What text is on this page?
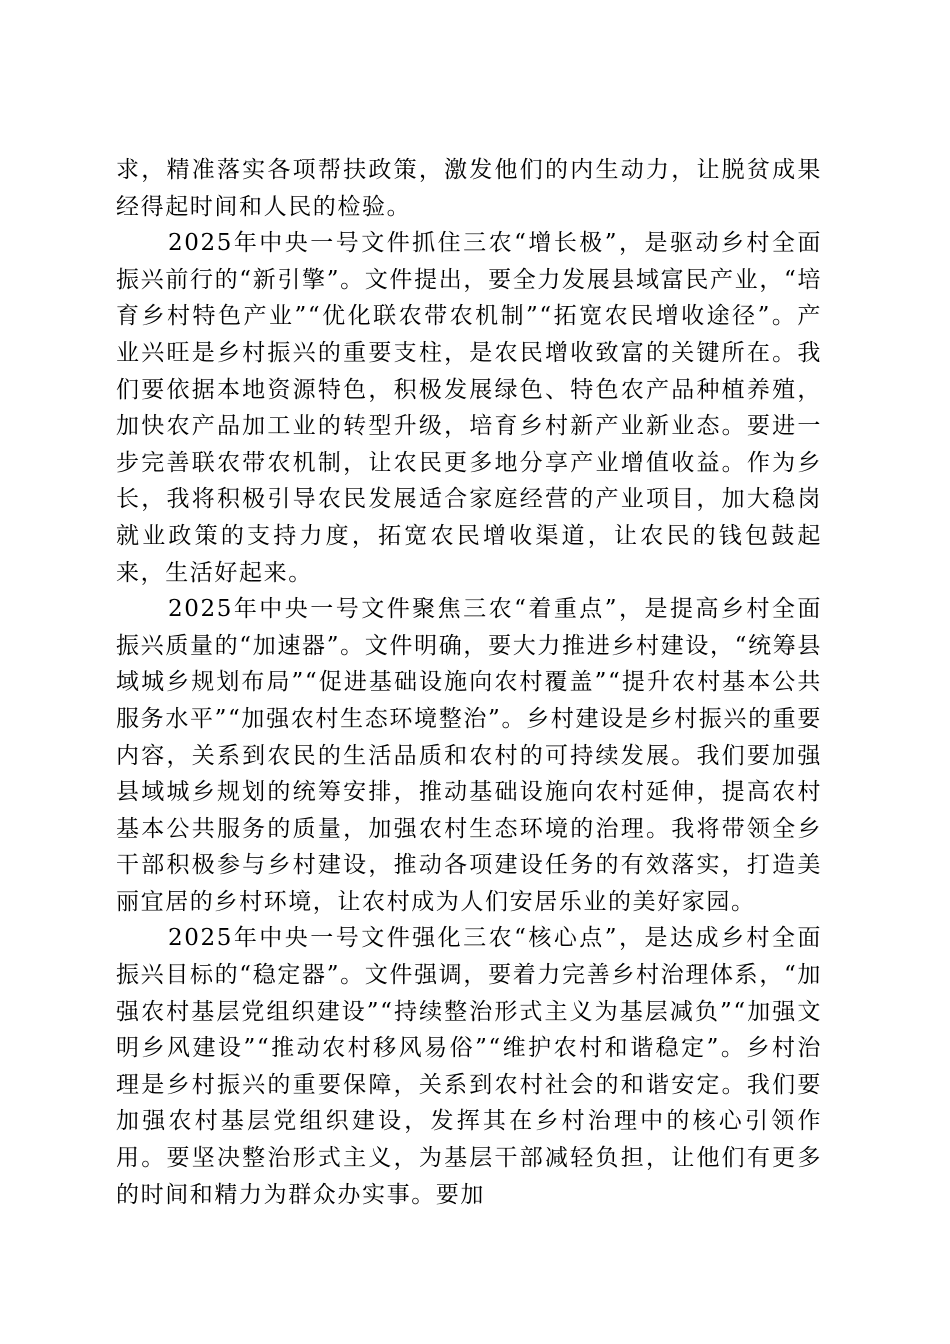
求，精准落实各项帮扶政策，激发他们的内生动力，让脱贫成果经得起时间和人民的检验。

2025年中央一号文件抓住三农“增长极”，是驱动乡村全面振兴前行的“新引擎”。文件提出，要全力发展县域富民产业，“培育乡村特色产业”“优化联农带农机制”“拓宽农民增收途径”。产业兴旺是乡村振兴的重要支柱，是农民增收致富的关键所在。我们要依据本地资源特色，积极发展绿色、特色农产品种植养殖，加快农产品加工业的转型升级，培育乡村新产业新业态。要进一步完善联农带农机制，让农民更多地分享产业增值收益。作为乡长，我将积极引导农民发展适合家庭经营的产业项目，加大稳岗就业政策的支持力度，拓宽农民增收渠道，让农民的钱包鼓起来，生活好起来。

2025年中央一号文件聚焦三农“着重点”，是提高乡村全面振兴质量的“加速器”。文件明确，要大力推进乡村建设，“统筹县域城乡规划布局”“促进基础设施向农村覆盖”“提升农村基本公共服务水平”“加强农村生态环境整治”。乡村建设是乡村振兴的重要内容，关系到农民的生活品质和农村的可持续发展。我们要加强县域城乡规划的统筹安排，推动基础设施向农村延伸，提高农村基本公共服务的质量，加强农村生态环境的治理。我将带领全乡干部积极参与乡村建设，推动各项建设任务的有效落实，打造美丽宜居的乡村环境，让农村成为人们安居乐业的美好家园。

2025年中央一号文件强化三农“核心点”，是达成乡村全面振兴目标的“稳定器”。文件强调，要着力完善乡村治理体系，“加强农村基层党组织建设”“持续整治形式主义为基层减负”“加强文明乡风建设”“推动农村移风易俗”“维护农村和谐稳定”。乡村治理是乡村振兴的重要保障，关系到农村社会的和谐安定。我们要加强农村基层党组织建设，发挥其在乡村治理中的核心引领作用。要坚决整治形式主义，为基层干部减轻负担，让他们有更多的时间和精力为群众办实事。要加
